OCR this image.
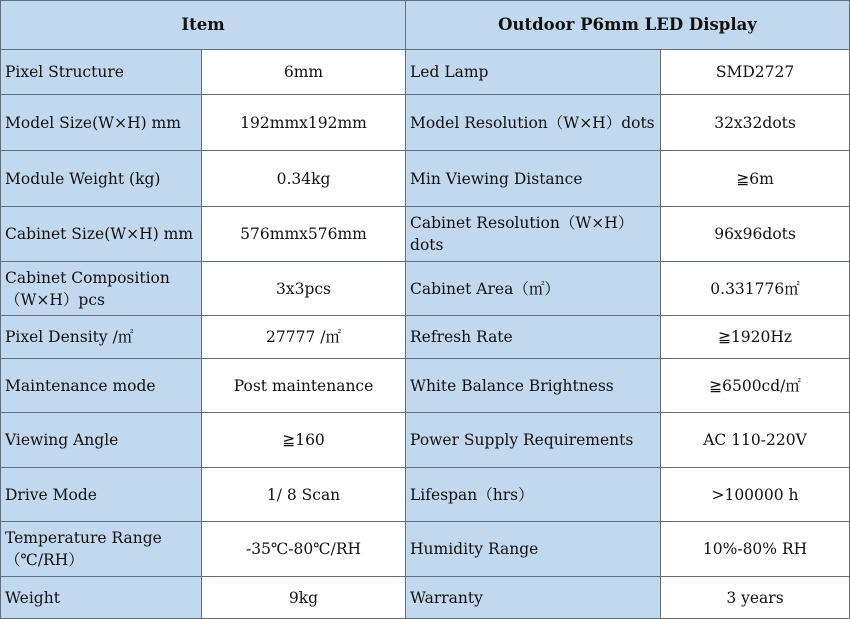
Item		Outdoor P6mm LED Display	
Pixel Structure	6mm	Led Lamp	SMD2727
Model Size(W×H) mm	192mmx192mm	Model Resolution（W×H）dots	32x32dots
Module Weight (kg)	0.34kg	Min Viewing Distance	≧6m
Cabinet Size(W×H) mm	576mmx576mm	Cabinet Resolution（W×H）dots	96x96dots
Cabinet Composition（W×H）pcs	3x3pcs	Cabinet Area（㎡）	0.331776㎡
Pixel Density /㎡	27777 /㎡	Refresh Rate	≧1920Hz
Maintenance mode	Post maintenance	White Balance Brightness	≧6500cd/㎡
Viewing Angle	≧160	Power Supply Requirements	AC 110-220V
Drive Mode	1/ 8 Scan	Lifespan（hrs）	>100000 h
Temperature Range（℃/RH）	-35℃-80℃/RH	Humidity Range	10%-80% RH
Weight	9kg	Warranty	3 years
